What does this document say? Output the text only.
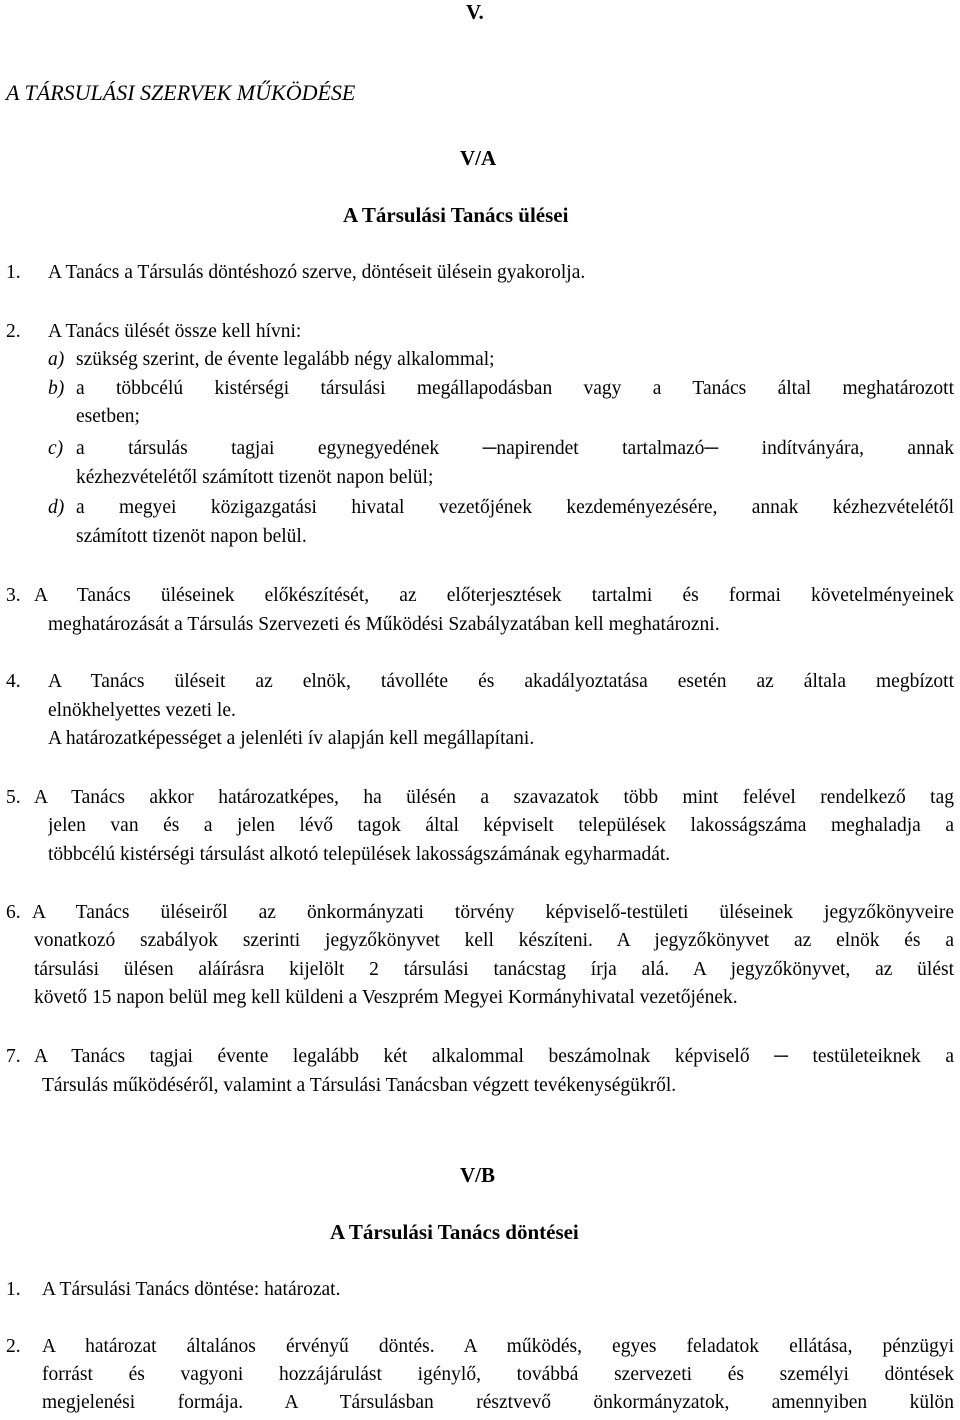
V.
A TÁRSULÁSI SZERVEK MŰKÖDÉSE
V/A
A Társulási Tanács ülései
1. A Tanács a Társulás döntéshozó szerve, döntéseit ülésein gyakorolja.
2. A Tanács ülését össze kell hívni:
a) szükség szerint, de évente legalább négy alkalommal;
b) a többcélú kistérségi társulási megállapodásban vagy a Tanács által meghatározott
esetben;
c) a társulás tagjai egynegyedének ─napirendet tartalmazó─ indítványára, annak
kézhezvételétől számított tizenöt napon belül;
d) a megyei közigazgatási hivatal vezetőjének kezdeményezésére, annak kézhezvételétől
számított tizenöt napon belül.
3. A Tanács üléseinek előkészítését, az előterjesztések tartalmi és formai követelményeinek
meghatározását a Társulás Szervezeti és Működési Szabályzatában kell meghatározni.
4. A Tanács üléseit az elnök, távolléte és akadályoztatása esetén az általa megbízott
elnökhelyettes vezeti le.
A határozatképességet a jelenléti ív alapján kell megállapítani.
5. A Tanács akkor határozatképes, ha ülésén a szavazatok több mint felével rendelkező tag
jelen van és a jelen lévő tagok által képviselt települések lakosságszáma meghaladja a
többcélú kistérségi társulást alkotó települések lakosságszámának egyharmadát.
6. A Tanács üléseiről az önkormányzati törvény képviselő-testületi üléseinek jegyzőkönyveire
vonatkozó szabályok szerinti jegyzőkönyvet kell készíteni. A jegyzőkönyvet az elnök és a
társulási ülésen aláírásra kijelölt 2 társulási tanácstag írja alá. A jegyzőkönyvet, az ülést
követő 15 napon belül meg kell küldeni a Veszprém Megyei Kormányhivatal vezetőjének.
7. A Tanács tagjai évente legalább két alkalommal beszámolnak képviselő ─ testületeiknek a
Társulás működéséről, valamint a Társulási Tanácsban végzett tevékenységükről.
V/B
A Társulási Tanács döntései
1. A Társulási Tanács döntése: határozat.
2. A határozat általános érvényű döntés. A működés, egyes feladatok ellátása, pénzügyi
forrást és vagyoni hozzájárulást igénylő, továbbá szervezeti és személyi döntések
megjelenési formája. A Társulásban résztvevő önkormányzatok, amennyiben külön
